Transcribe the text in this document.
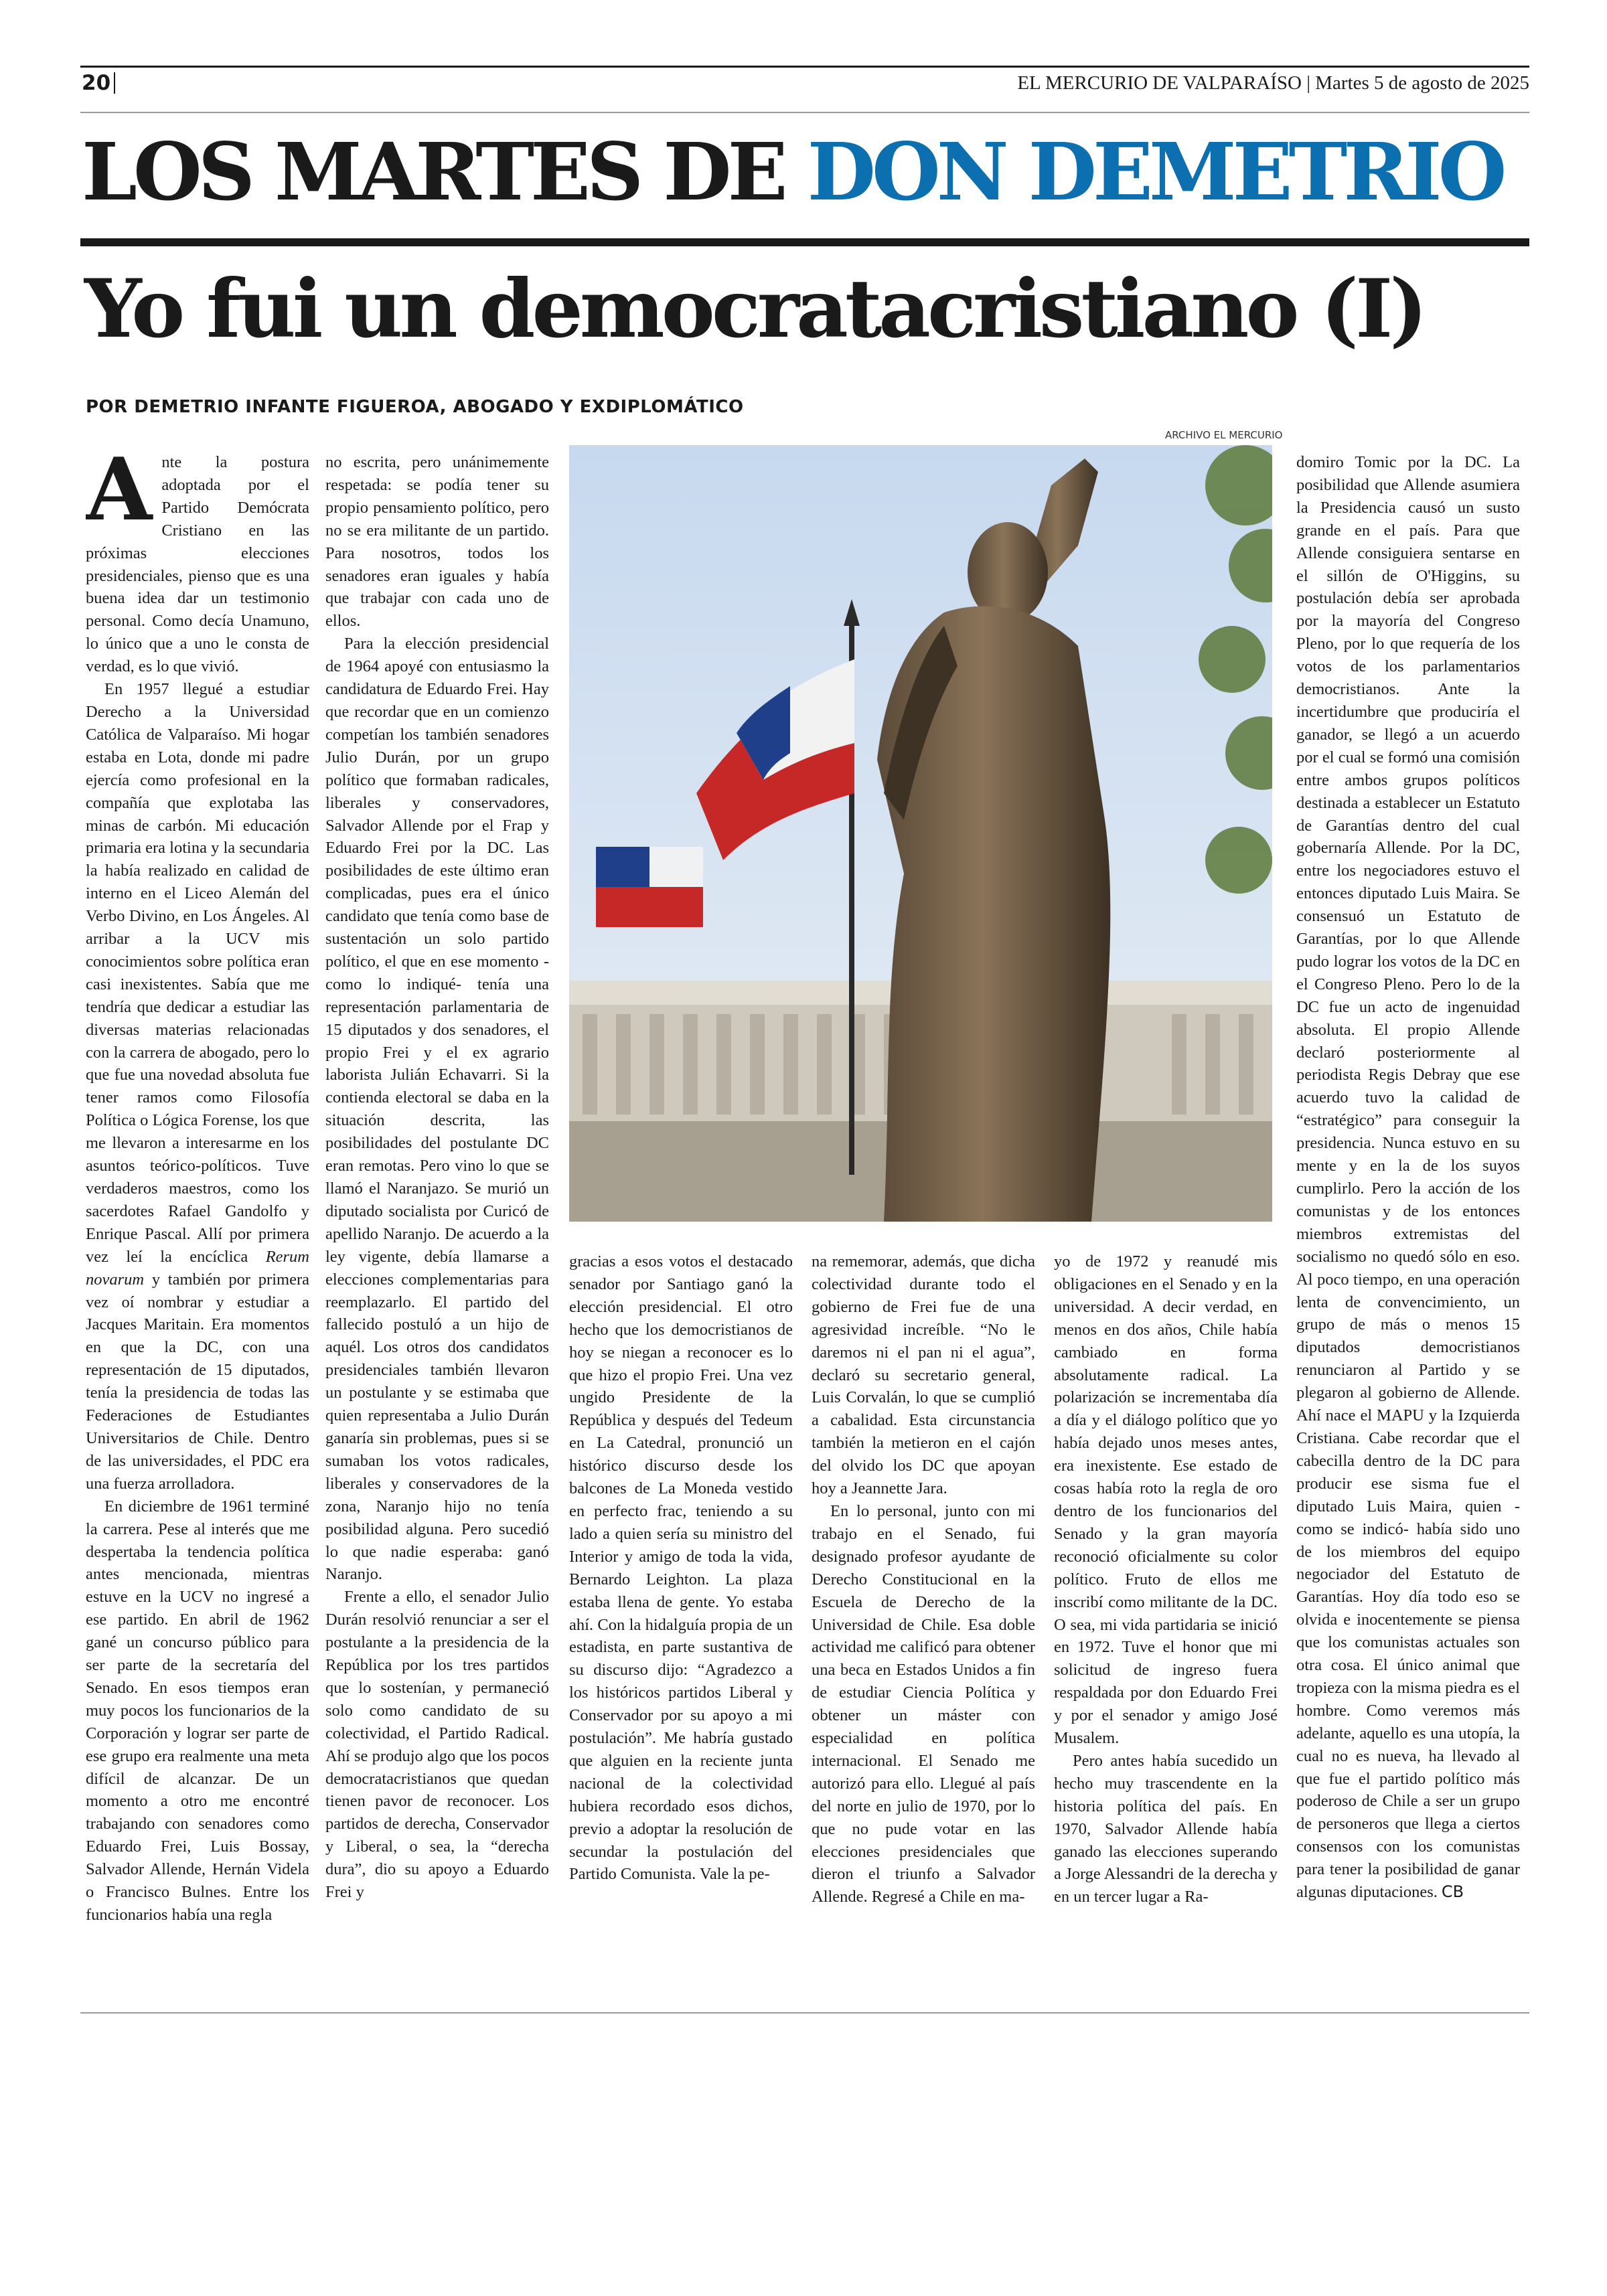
20	EL MERCURIO DE VALPARAÍSO | Martes 5 de agosto de 2025
LOS MARTES DE DON DEMETRIO
Yo fui un democratacristiano (I)
POR DEMETRIO INFANTE FIGUEROA, ABOGADO Y EXDIPLOMÁTICO
ARCHIVO EL MERCURIO

Ante la postura adoptada por el Partido Demócrata Cristiano en las próximas elecciones presidenciales, pienso que es una buena idea dar un testimonio personal. Como decía Unamuno, lo único que a uno le consta de verdad, es lo que vivió.

En 1957 llegué a estudiar Derecho a la Universidad Católica de Valparaíso. Mi hogar estaba en Lota, donde mi padre ejercía como profesional en la compañía que explotaba las minas de carbón. Mi educación primaria era lotina y la secundaria la había realizado en calidad de interno en el Liceo Alemán del Verbo Divino, en Los Ángeles. Al arribar a la UCV mis conocimientos sobre política eran casi inexistentes. Sabía que me tendría que dedicar a estudiar las diversas materias relacionadas con la carrera de abogado, pero lo que fue una novedad absoluta fue tener ramos como Filosofía Política o Lógica Forense, los que me llevaron a interesarme en los asuntos teórico-políticos. Tuve verdaderos maestros, como los sacerdotes Rafael Gandolfo y Enrique Pascal. Allí por primera vez leí la encíclica Rerum novarum y también por primera vez oí nombrar y estudiar a Jacques Maritain. Era momentos en que la DC, con una representación de 15 diputados, tenía la presidencia de todas las Federaciones de Estudiantes Universitarios de Chile. Dentro de las universidades, el PDC era una fuerza arrolladora.

En diciembre de 1961 terminé la carrera. Pese al interés que me despertaba la tendencia política antes mencionada, mientras estuve en la UCV no ingresé a ese partido. En abril de 1962 gané un concurso público para ser parte de la secretaría del Senado. En esos tiempos eran muy pocos los funcionarios de la Corporación y lograr ser parte de ese grupo era realmente una meta difícil de alcanzar. De un momento a otro me encontré trabajando con senadores como Eduardo Frei, Luis Bossay, Salvador Allende, Hernán Videla o Francisco Bulnes. Entre los funcionarios había una regla

no escrita, pero unánimemente respetada: se podía tener su propio pensamiento político, pero no se era militante de un partido. Para nosotros, todos los senadores eran iguales y había que trabajar con cada uno de ellos.

Para la elección presidencial de 1964 apoyé con entusiasmo la candidatura de Eduardo Frei. Hay que recordar que en un comienzo competían los también senadores Julio Durán, por un grupo político que formaban radicales, liberales y conservadores, Salvador Allende por el Frap y Eduardo Frei por la DC. Las posibilidades de este último eran complicadas, pues era el único candidato que tenía como base de sustentación un solo partido político, el que en ese momento -como lo indiqué- tenía una representación parlamentaria de 15 diputados y dos senadores, el propio Frei y el ex agrario laborista Julián Echavarri. Si la contienda electoral se daba en la situación descrita, las posibilidades del postulante DC eran remotas. Pero vino lo que se llamó el Naranjazo. Se murió un diputado socialista por Curicó de apellido Naranjo. De acuerdo a la ley vigente, debía llamarse a elecciones complementarias para reemplazarlo. El partido del fallecido postuló a un hijo de aquél. Los otros dos candidatos presidenciales también llevaron un postulante y se estimaba que quien representaba a Julio Durán ganaría sin problemas, pues si se sumaban los votos radicales, liberales y conservadores de la zona, Naranjo hijo no tenía posibilidad alguna. Pero sucedió lo que nadie esperaba: ganó Naranjo.

Frente a ello, el senador Julio Durán resolvió renunciar a ser el postulante a la presidencia de la República por los tres partidos que lo sostenían, y permaneció solo como candidato de su colectividad, el Partido Radical. Ahí se produjo algo que los pocos democratacristianos que quedan tienen pavor de reconocer. Los partidos de derecha, Conservador y Liberal, o sea, la “derecha dura”, dio su apoyo a Eduardo Frei y

gracias a esos votos el destacado senador por Santiago ganó la elección presidencial. El otro hecho que los democristianos de hoy se niegan a reconocer es lo que hizo el propio Frei. Una vez ungido Presidente de la República y después del Tedeum en La Catedral, pronunció un histórico discurso desde los balcones de La Moneda vestido en perfecto frac, teniendo a su lado a quien sería su ministro del Interior y amigo de toda la vida, Bernardo Leighton. La plaza estaba llena de gente. Yo estaba ahí. Con la hidalguía propia de un estadista, en parte sustantiva de su discurso dijo: “Agradezco a los históricos partidos Liberal y Conservador por su apoyo a mi postulación”. Me habría gustado que alguien en la reciente junta nacional de la colectividad hubiera recordado esos dichos, previo a adoptar la resolución de secundar la postulación del Partido Comunista. Vale la pe-

na rememorar, además, que dicha colectividad durante todo el gobierno de Frei fue de una agresividad increíble. “No le daremos ni el pan ni el agua”, declaró su secretario general, Luis Corvalán, lo que se cumplió a cabalidad. Esta circunstancia también la metieron en el cajón del olvido los DC que apoyan hoy a Jeannette Jara.

En lo personal, junto con mi trabajo en el Senado, fui designado profesor ayudante de Derecho Constitucional en la Escuela de Derecho de la Universidad de Chile. Esa doble actividad me calificó para obtener una beca en Estados Unidos a fin de estudiar Ciencia Política y obtener un máster con especialidad en política internacional. El Senado me autorizó para ello. Llegué al país del norte en julio de 1970, por lo que no pude votar en las elecciones presidenciales que dieron el triunfo a Salvador Allende. Regresé a Chile en ma-

yo de 1972 y reanudé mis obligaciones en el Senado y en la universidad. A decir verdad, en menos en dos años, Chile había cambiado en forma absolutamente radical. La polarización se incrementaba día a día y el diálogo político que yo había dejado unos meses antes, era inexistente. Ese estado de cosas había roto la regla de oro dentro de los funcionarios del Senado y la gran mayoría reconoció oficialmente su color político. Fruto de ellos me inscribí como militante de la DC. O sea, mi vida partidaria se inició en 1972. Tuve el honor que mi solicitud de ingreso fuera respaldada por don Eduardo Frei y por el senador y amigo José Musalem.

Pero antes había sucedido un hecho muy trascendente en la historia política del país. En 1970, Salvador Allende había ganado las elecciones superando a Jorge Alessandri de la derecha y en un tercer lugar a Ra-

domiro Tomic por la DC. La posibilidad que Allende asumiera la Presidencia causó un susto grande en el país. Para que Allende consiguiera sentarse en el sillón de O'Higgins, su postulación debía ser aprobada por la mayoría del Congreso Pleno, por lo que requería de los votos de los parlamentarios democristianos. Ante la incertidumbre que produciría el ganador, se llegó a un acuerdo por el cual se formó una comisión entre ambos grupos políticos destinada a establecer un Estatuto de Garantías dentro del cual gobernaría Allende. Por la DC, entre los negociadores estuvo el entonces diputado Luis Maira. Se consensuó un Estatuto de Garantías, por lo que Allende pudo lograr los votos de la DC en el Congreso Pleno. Pero lo de la DC fue un acto de ingenuidad absoluta. El propio Allende declaró posteriormente al periodista Regis Debray que ese acuerdo tuvo la calidad de “estratégico” para conseguir la presidencia. Nunca estuvo en su mente y en la de los suyos cumplirlo. Pero la acción de los comunistas y de los entonces miembros extremistas del socialismo no quedó sólo en eso. Al poco tiempo, en una operación lenta de convencimiento, un grupo de más o menos 15 diputados democristianos renunciaron al Partido y se plegaron al gobierno de Allende. Ahí nace el MAPU y la Izquierda Cristiana. Cabe recordar que el cabecilla dentro de la DC para producir ese sisma fue el diputado Luis Maira, quien -como se indicó- había sido uno de los miembros del equipo negociador del Estatuto de Garantías. Hoy día todo eso se olvida e inocentemente se piensa que los comunistas actuales son otra cosa. El único animal que tropieza con la misma piedra es el hombre. Como veremos más adelante, aquello es una utopía, la cual no es nueva, ha llevado al que fue el partido político más poderoso de Chile a ser un grupo de personeros que llega a ciertos consensos con los comunistas para tener la posibilidad de ganar algunas diputaciones. CB
